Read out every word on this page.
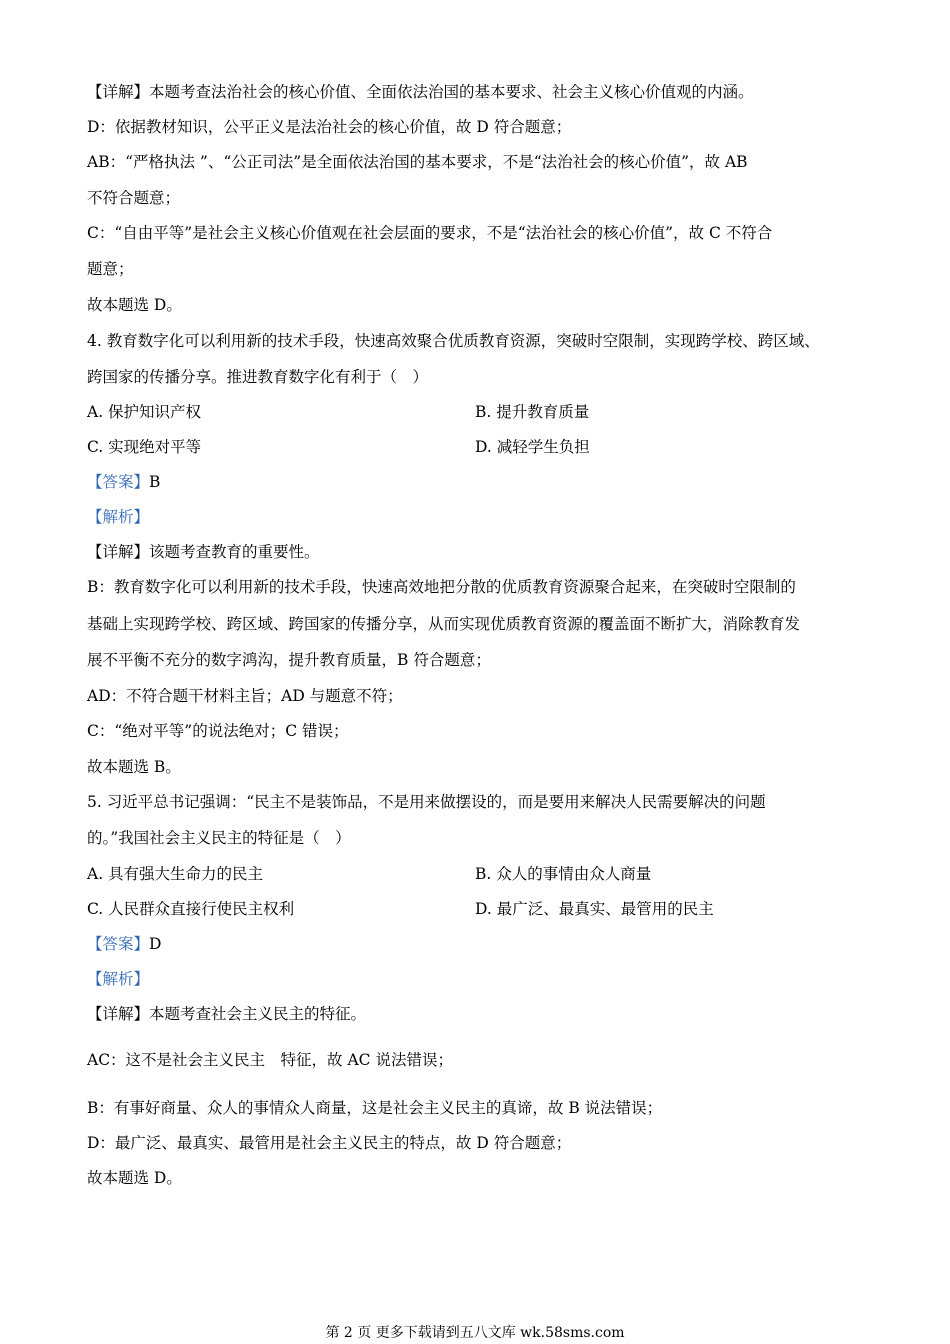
【详解】本题考查法治社会的核心价值、全面依法治国的基本要求、社会主义核心价值观的内涵。
D：依据教材知识，公平正义是法治社会的核心价值，故 D 符合题意；
AB：“严格执法 ”、“公正司法”是全面依法治国的基本要求，不是“法治社会的核心价值”，故 AB
不符合题意；
C：“自由平等”是社会主义核心价值观在社会层面的要求，不是“法治社会的核心价值”，故 C 不符合
题意；
故本题选 D。
4. 教育数字化可以利用新的技术手段，快速高效聚合优质教育资源，突破时空限制，实现跨学校、跨区域、
跨国家的传播分享。推进教育数字化有利于（　）
A. 保护知识产权	B. 提升教育质量
C. 实现绝对平等	D. 减轻学生负担
【答案】B
【解析】
【详解】该题考查教育的重要性。
B：教育数字化可以利用新的技术手段，快速高效地把分散的优质教育资源聚合起来，在突破时空限制的
基础上实现跨学校、跨区域、跨国家的传播分享，从而实现优质教育资源的覆盖面不断扩大，消除教育发
展不平衡不充分的数字鸿沟，提升教育质量，B 符合题意；
AD：不符合题干材料主旨；AD 与题意不符；
C：“绝对平等”的说法绝对；C 错误；
故本题选 B。
5. 习近平总书记强调：“民主不是装饰品，不是用来做摆设的，而是要用来解决人民需要解决的问题
的。”我国社会主义民主的特征是（　）
A. 具有强大生命力的民主	B. 众人的事情由众人商量
C. 人民群众直接行使民主权利	D. 最广泛、最真实、最管用的民主
【答案】D
【解析】
【详解】本题考查社会主义民主的特征。
AC：这不是社会主义民主　特征，故 AC 说法错误；
B：有事好商量、众人的事情众人商量，这是社会主义民主的真谛，故 B 说法错误；
D：最广泛、最真实、最管用是社会主义民主的特点，故 D 符合题意；
故本题选 D。
第 2 页 更多下载请到五八文库 wk.58sms.com
